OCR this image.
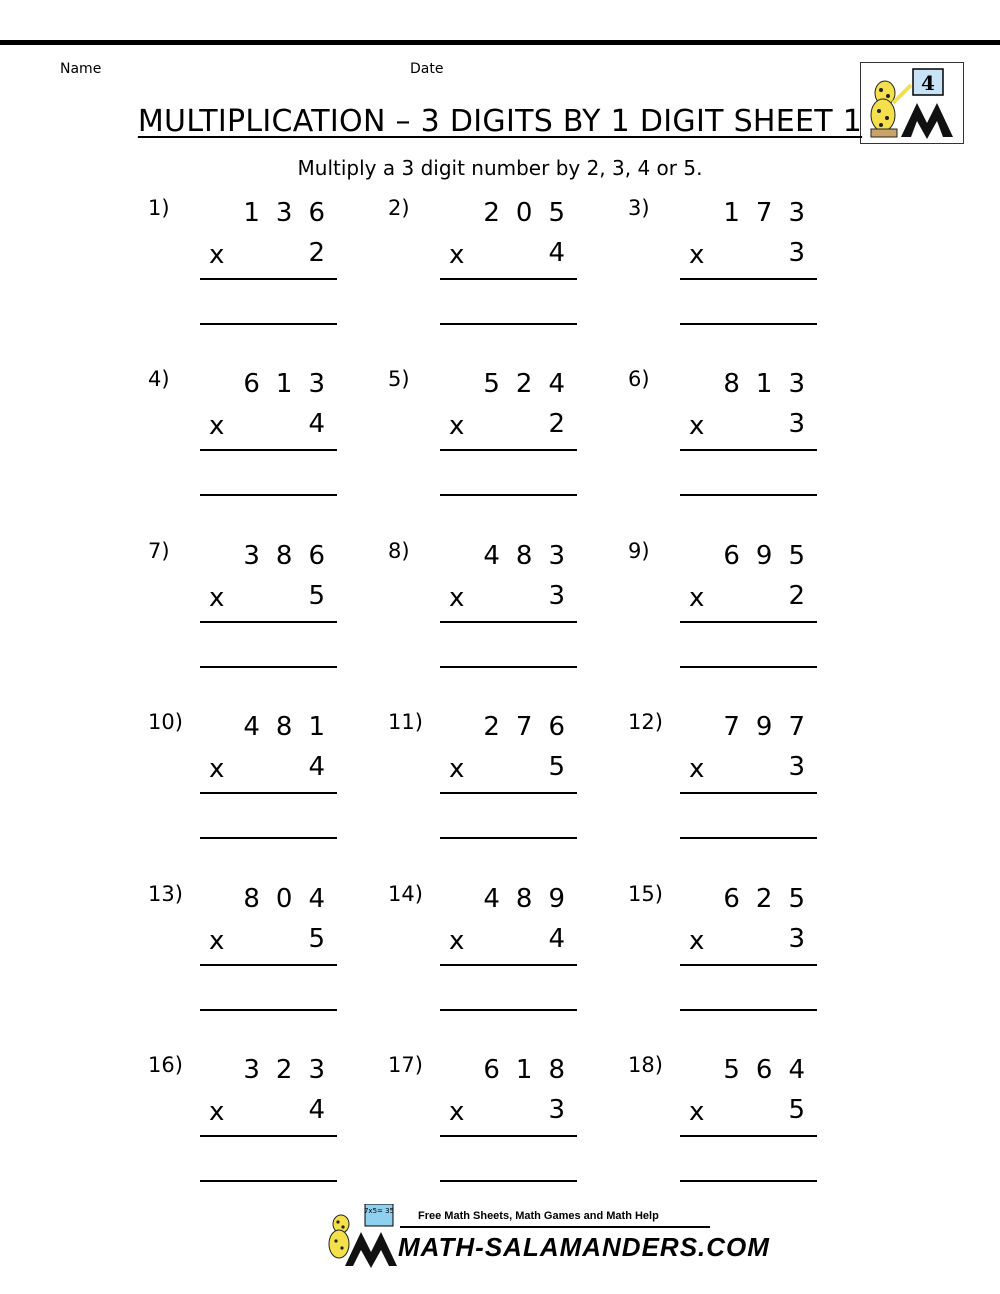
Name	Date
4
MULTIPLICATION – 3 DIGITS BY 1 DIGIT SHEET 1
Multiply a 3 digit number by 2, 3, 4 or 5.
1)	136
x	2
2)	205
x	4
3)	173
x	3
4)	613
x	4
5)	524
x	2
6)	813
x	3
7)	386
x	5
8)	483
x	3
9)	695
x	2
10) 481
x	4
11) 276
x	5
12) 797
x	3
13) 804
x	5
14) 489
x	4
15) 625
x	3
16) 323
x	4
17) 618
x	3
18) 564
x	5
7x5= 35 Free Math Sheets, Math Games and Math Help
MATH-SALAMANDERS.COM
